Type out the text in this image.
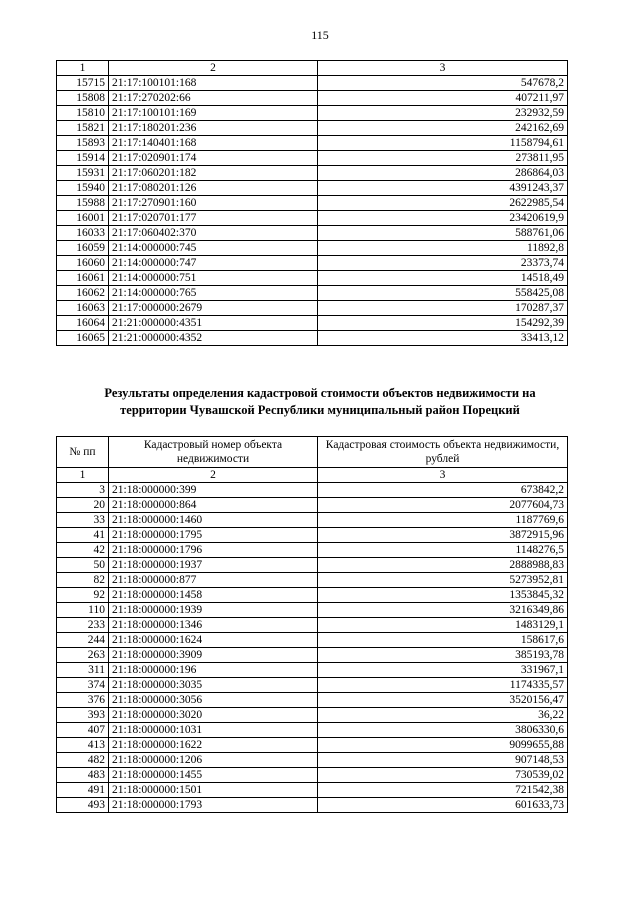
115
1	2	3
15715	21:17:100101:168	547678,2
15808	21:17:270202:66	407211,97
15810	21:17:100101:169	232932,59
15821	21:17:180201:236	242162,69
15893	21:17:140401:168	1158794,61
15914	21:17:020901:174	273811,95
15931	21:17:060201:182	286864,03
15940	21:17:080201:126	4391243,37
15988	21:17:270901:160	2622985,54
16001	21:17:020701:177	23420619,9
16033	21:17:060402:370	588761,06
16059	21:14:000000:745	11892,8
16060	21:14:000000:747	23373,74
16061	21:14:000000:751	14518,49
16062	21:14:000000:765	558425,08
16063	21:17:000000:2679	170287,37
16064	21:21:000000:4351	154292,39
16065	21:21:000000:4352	33413,12
Результаты определения кадастровой стоимости объектов недвижимости на
территории Чувашской Республики муниципальный район Порецкий
№ пп	Кадастровый номер объекта недвижимости	Кадастровая стоимость объекта недвижимости, рублей
1	2	3
3	21:18:000000:399	673842,2
20	21:18:000000:864	2077604,73
33	21:18:000000:1460	1187769,6
41	21:18:000000:1795	3872915,96
42	21:18:000000:1796	1148276,5
50	21:18:000000:1937	2888988,83
82	21:18:000000:877	5273952,81
92	21:18:000000:1458	1353845,32
110	21:18:000000:1939	3216349,86
233	21:18:000000:1346	1483129,1
244	21:18:000000:1624	158617,6
263	21:18:000000:3909	385193,78
311	21:18:000000:196	331967,1
374	21:18:000000:3035	1174335,57
376	21:18:000000:3056	3520156,47
393	21:18:000000:3020	36,22
407	21:18:000000:1031	3806330,6
413	21:18:000000:1622	9099655,88
482	21:18:000000:1206	907148,53
483	21:18:000000:1455	730539,02
491	21:18:000000:1501	721542,38
493	21:18:000000:1793	601633,73
